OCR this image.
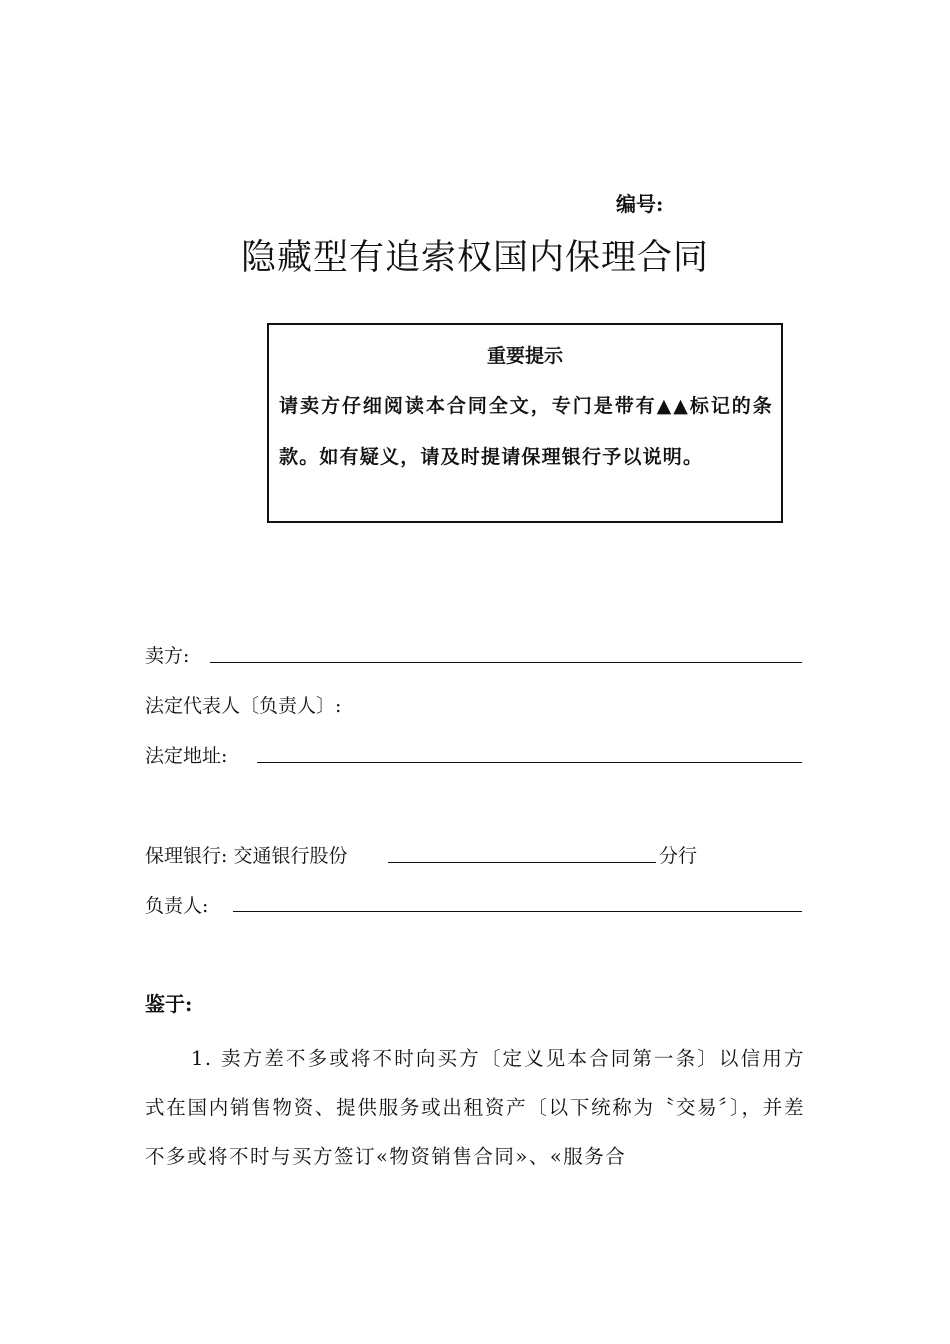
编号:
隐藏型有追索权国内保理合同
重要提示
请卖方仔细阅读本合同全文，专门是带有▲▲标记的条款。如有疑义，请及时提请保理银行予以说明。
卖方:
法定代表人〔负责人〕:
法定地址:
保理银行: 交通银行股份	分行
负责人:
鉴于:
1. 卖方差不多或将不时向买方〔定义见本合同第一条〕以信用方式在国内销售物资、提供服务或出租资产〔以下统称为〝交易〞〕，并差不多或将不时与买方签订«物资销售合同»、«服务合
